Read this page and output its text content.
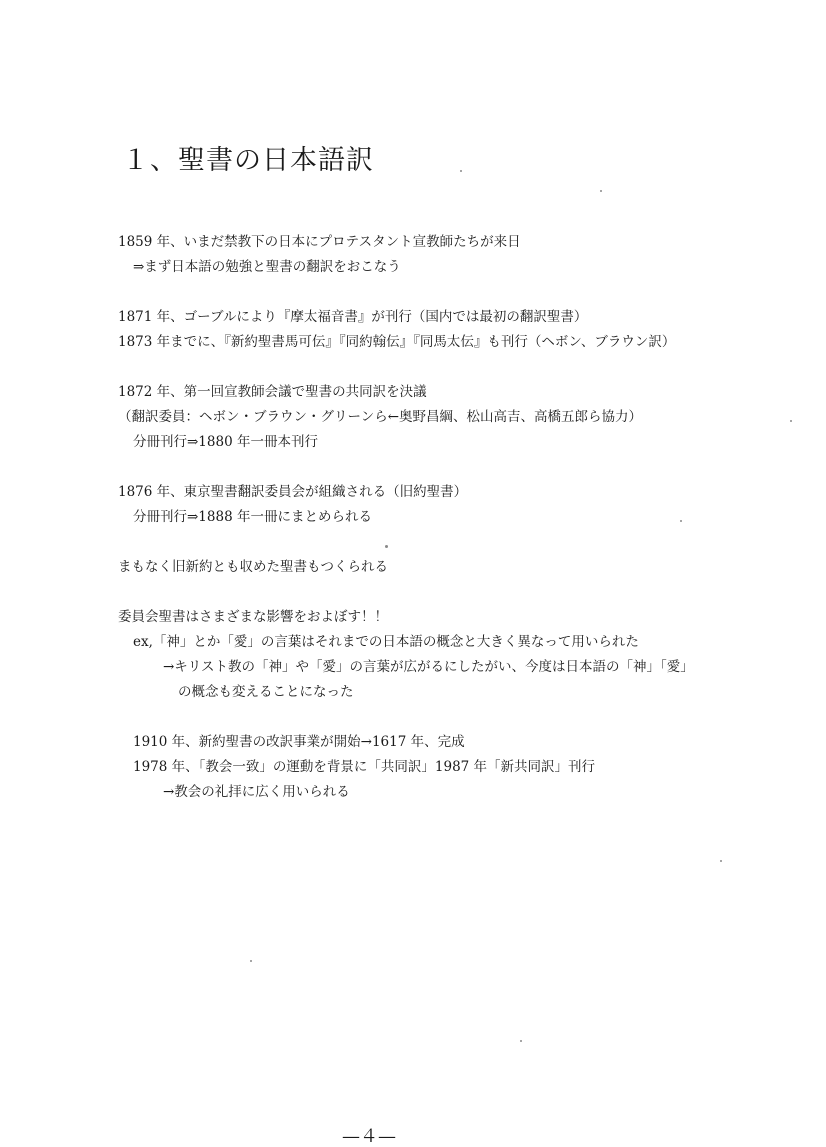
１、聖書の日本語訳
1859 年、いまだ禁教下の日本にプロテスタント宣教師たちが来日
⇒まず日本語の勉強と聖書の翻訳をおこなう
1871 年、ゴーブルにより『摩太福音書』が刊行（国内では最初の翻訳聖書）
1873 年までに、『新約聖書馬可伝』『同約翰伝』『同馬太伝』も刊行（ヘボン、ブラウン訳）
1872 年、第一回宣教師会議で聖書の共同訳を決議
（翻訳委員：ヘボン・ブラウン・グリーンら←奥野昌綱、松山高吉、高橋五郎ら協力）
分冊刊行⇒1880 年一冊本刊行
1876 年、東京聖書翻訳委員会が組織される（旧約聖書）
分冊刊行⇒1888 年一冊にまとめられる
まもなく旧新約とも収めた聖書もつくられる
委員会聖書はさまざまな影響をおよぼす！！
ex,「神」とか「愛」の言葉はそれまでの日本語の概念と大きく異なって用いられた
→キリスト教の「神」や「愛」の言葉が広がるにしたがい、今度は日本語の「神」「愛」
の概念も変えることになった
1910 年、新約聖書の改訳事業が開始→1617 年、完成
1978 年、「教会一致」の運動を背景に「共同訳」1987 年「新共同訳」刊行
→教会の礼拝に広く用いられる
—４—
